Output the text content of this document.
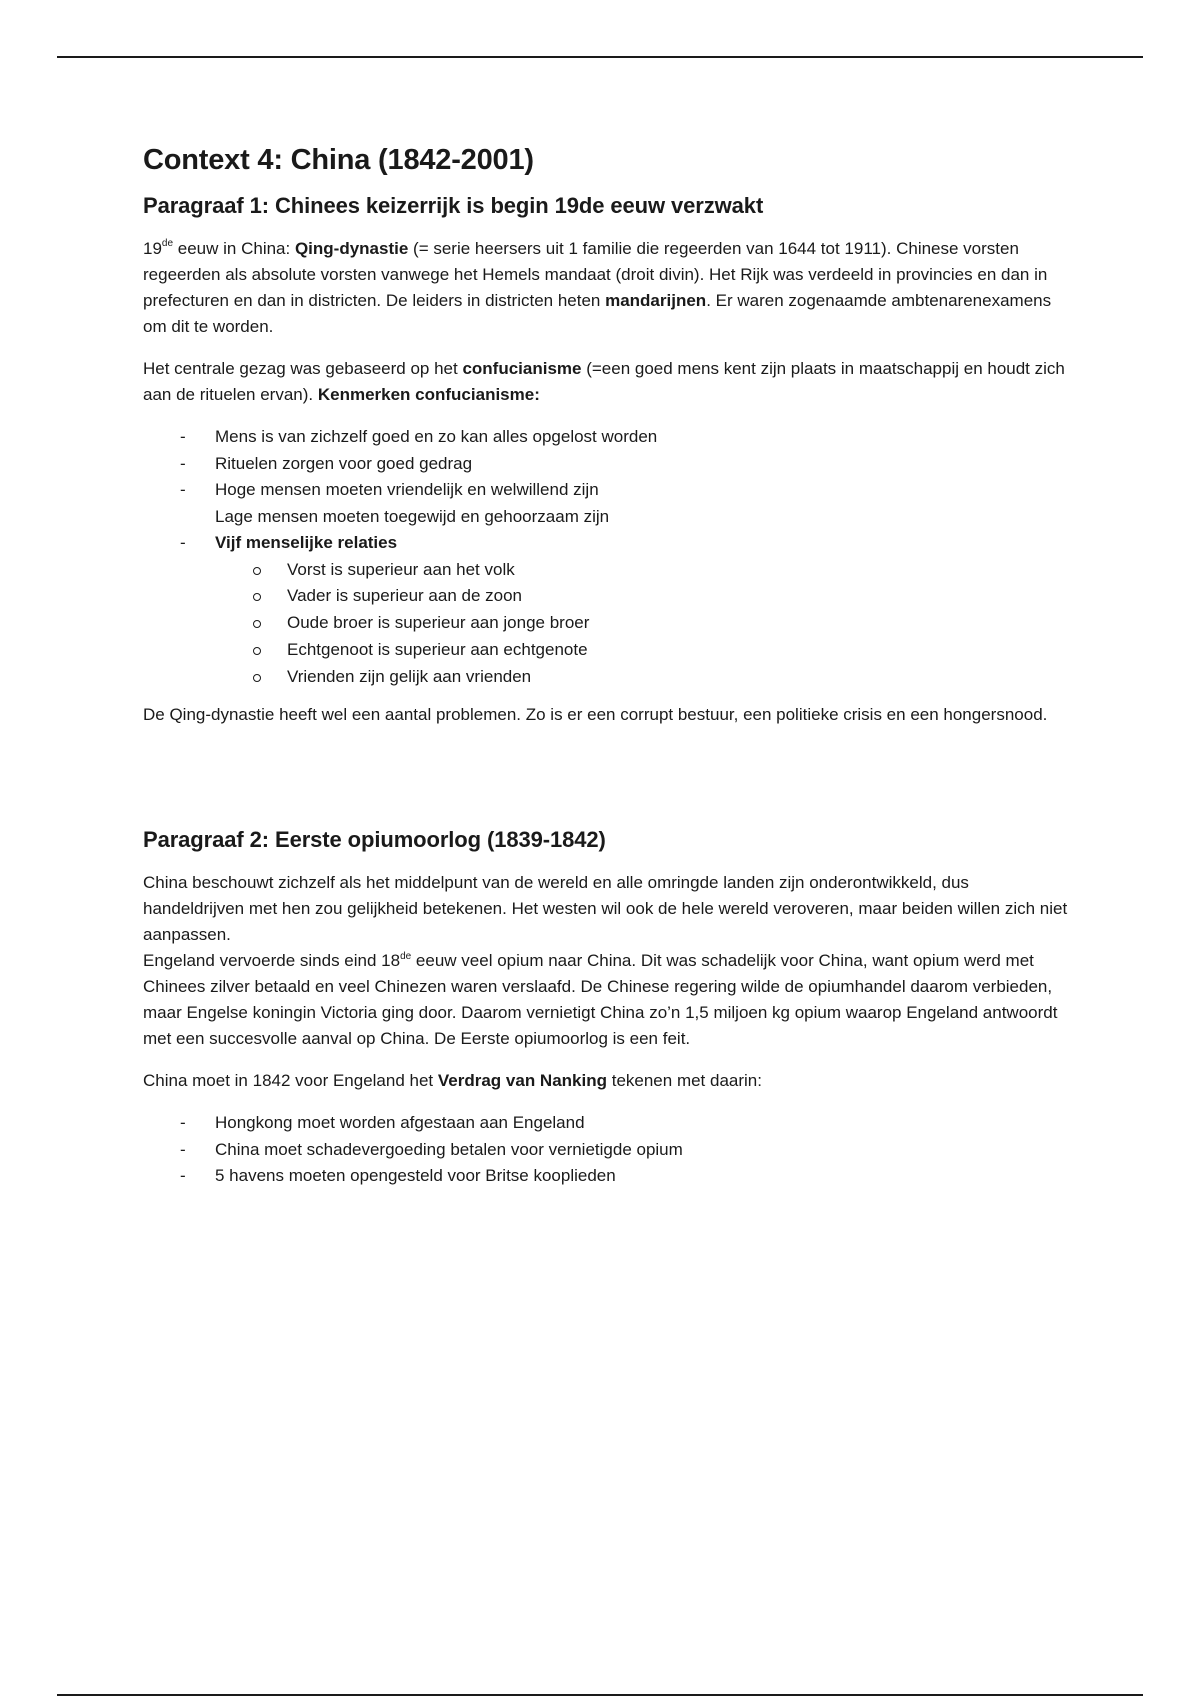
Context 4: China (1842-2001)
Paragraaf 1: Chinees keizerrijk is begin 19de eeuw verzwakt

19de eeuw in China: Qing-dynastie (= serie heersers uit 1 familie die regeerden van 1644 tot 1911). Chinese vorsten regeerden als absolute vorsten vanwege het Hemels mandaat (droit divin). Het Rijk was verdeeld in provincies en dan in prefecturen en dan in districten. De leiders in districten heten mandarijnen. Er waren zogenaamde ambtenarenexamens om dit te worden.

Het centrale gezag was gebaseerd op het confucianisme (=een goed mens kent zijn plaats in maatschappij en houdt zich aan de rituelen ervan). Kenmerken confucianisme:

- Mens is van zichzelf goed en zo kan alles opgelost worden
- Rituelen zorgen voor goed gedrag
- Hoge mensen moeten vriendelijk en welwillend zijn
Lage mensen moeten toegewijd en gehoorzaam zijn
- Vijf menselijke relaties
Vorst is superieur aan het volk
Vader is superieur aan de zoon
Oude broer is superieur aan jonge broer
Echtgenoot is superieur aan echtgenote
Vrienden zijn gelijk aan vrienden

De Qing-dynastie heeft wel een aantal problemen. Zo is er een corrupt bestuur, een politieke crisis en een hongersnood.

Paragraaf 2: Eerste opiumoorlog (1839-1842)

China beschouwt zichzelf als het middelpunt van de wereld en alle omringde landen zijn onderontwikkeld, dus handeldrijven met hen zou gelijkheid betekenen. Het westen wil ook de hele wereld veroveren, maar beiden willen zich niet aanpassen.

Engeland vervoerde sinds eind 18de eeuw veel opium naar China. Dit was schadelijk voor China, want opium werd met Chinees zilver betaald en veel Chinezen waren verslaafd. De Chinese regering wilde de opiumhandel daarom verbieden, maar Engelse koningin Victoria ging door. Daarom vernietigt China zo’n 1,5 miljoen kg opium waarop Engeland antwoordt met een succesvolle aanval op China. De Eerste opiumoorlog is een feit.

China moet in 1842 voor Engeland het Verdrag van Nanking tekenen met daarin:

- Hongkong moet worden afgestaan aan Engeland
- China moet schadevergoeding betalen voor vernietigde opium
- 5 havens moeten opengesteld voor Britse kooplieden
